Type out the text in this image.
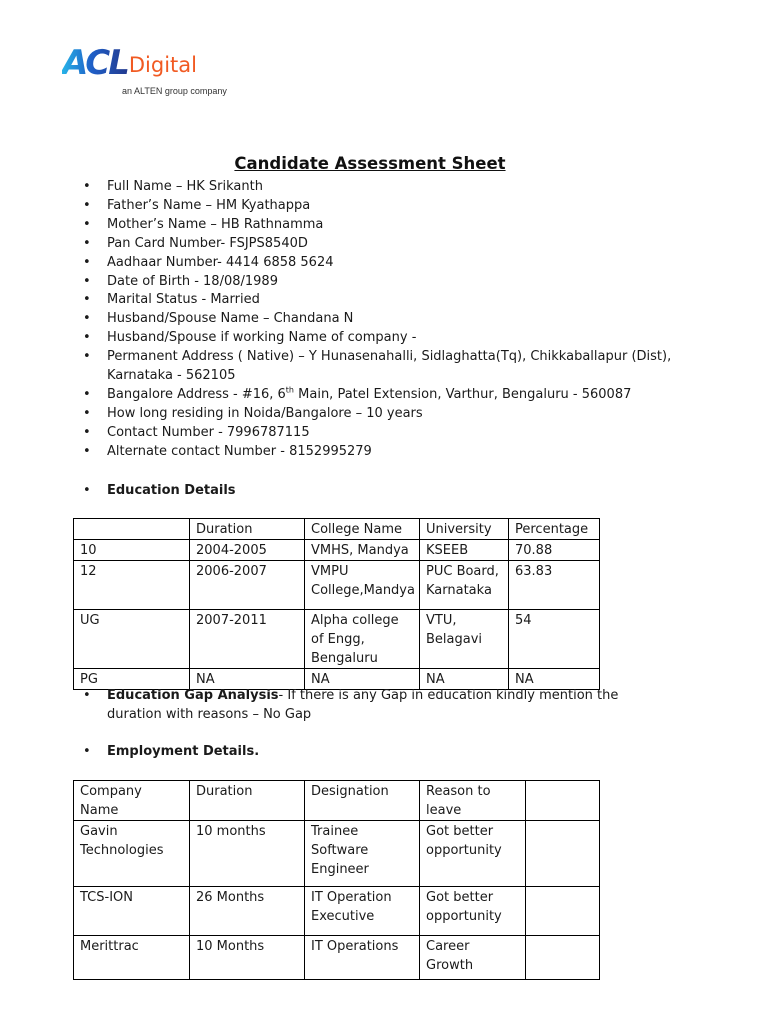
ACL Digital
an ALTEN group company
Candidate Assessment Sheet
• Full Name – HK Srikanth
• Father’s Name – HM Kyathappa
• Mother’s Name – HB Rathnamma
• Pan Card Number- FSJPS8540D
• Aadhaar Number- 4414 6858 5624
• Date of Birth - 18/08/1989
• Marital Status - Married
• Husband/Spouse Name – Chandana N
• Husband/Spouse if working Name of company -
• Permanent Address ( Native) – Y Hunasenahalli, Sidlaghatta(Tq), Chikkaballapur (Dist), Karnataka - 562105
• Bangalore Address - #16, 6th Main, Patel Extension, Varthur, Bengaluru - 560087
• How long residing in Noida/Bangalore – 10 years
• Contact Number - 7996787115
• Alternate contact Number - 8152995279
• Education Details
	Duration	College Name	University	Percentage
10	2004-2005	VMHS, Mandya	KSEEB	70.88
12	2006-2007	VMPU College,Mandya	PUC Board, Karnataka	63.83
UG	2007-2011	Alpha college of Engg, Bengaluru	VTU, Belagavi	54
PG	NA	NA	NA	NA
• Education Gap Analysis- If there is any Gap in education kindly mention the duration with reasons – No Gap
• Employment Details.
Company Name	Duration	Designation	Reason to leave	
Gavin Technologies	10 months	Trainee Software Engineer	Got better opportunity	
TCS-ION	26 Months	IT Operation Executive	Got better opportunity	
Merittrac	10 Months	IT Operations	Career Growth	
